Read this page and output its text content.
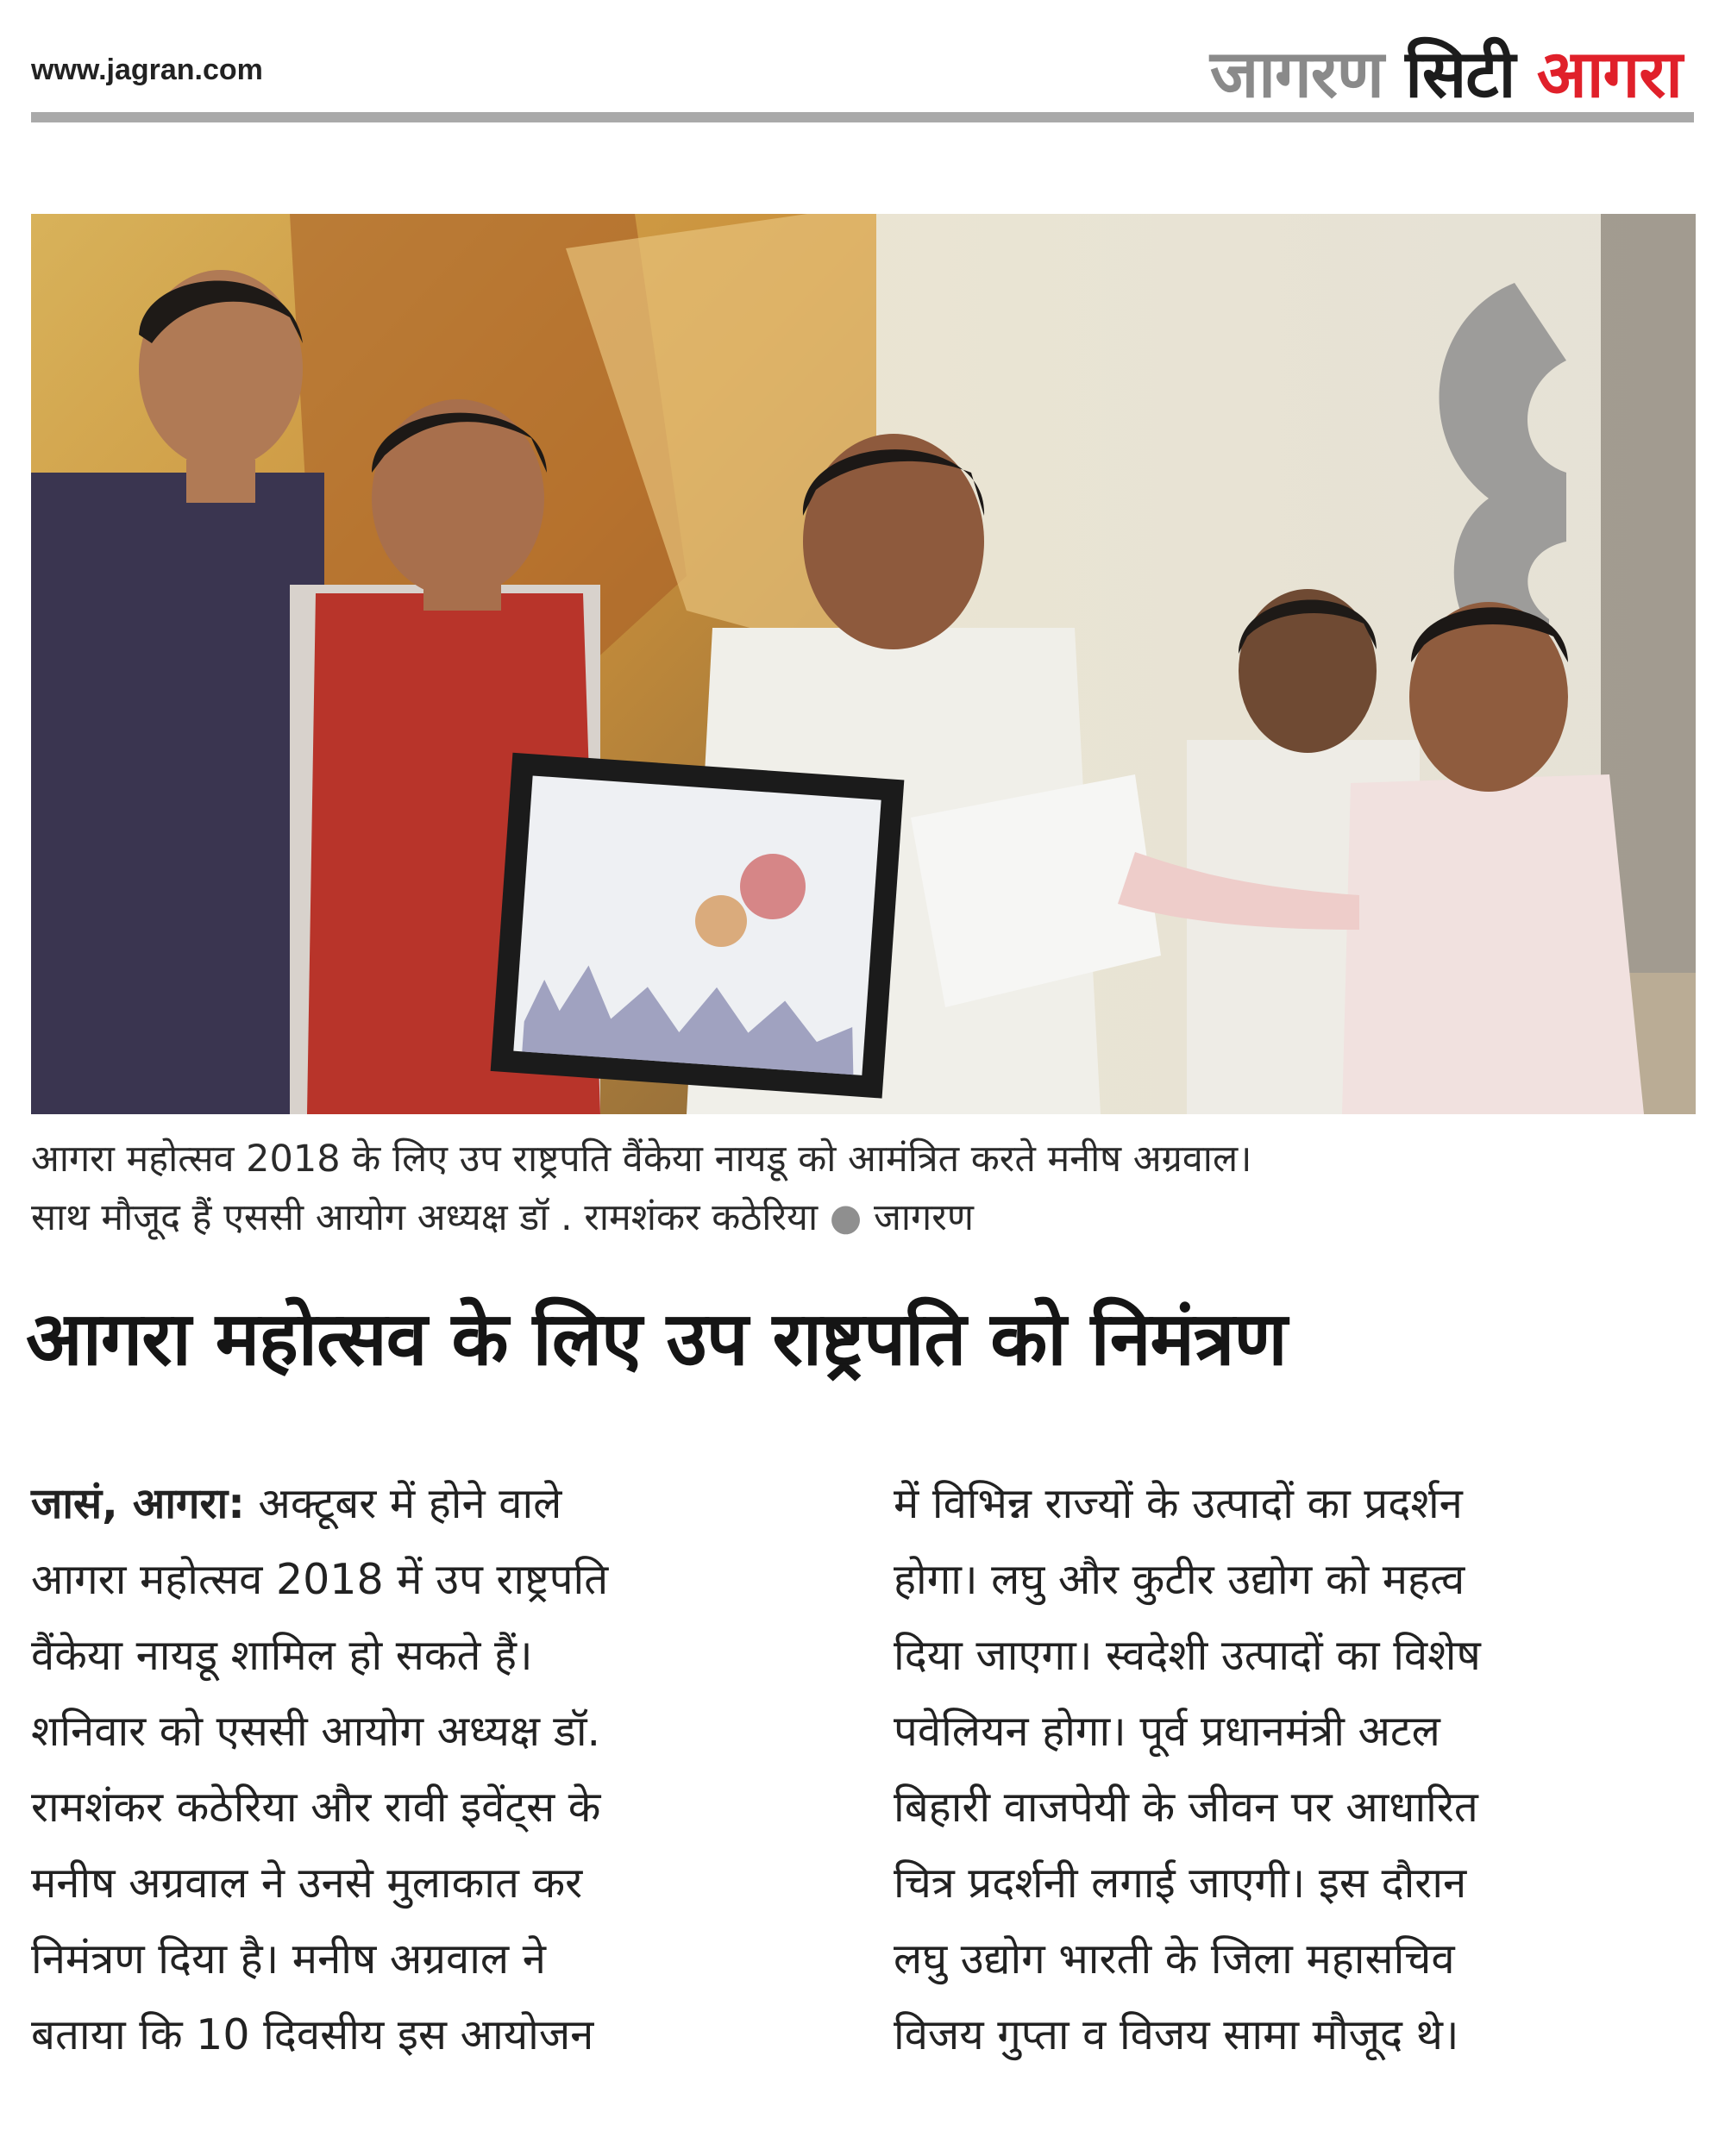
www.jagran.com	जागरण सिटी आगरा
आगरा महोत्सव 2018 के लिए उप राष्ट्रपति वैंकेया नायडू को आमंत्रित करते मनीष अग्रवाल।
साथ मौजूद हैं एससी आयोग अध्यक्ष डॉ . रामशंकर कठेरिया ● जागरण
आगरा महोत्सव के लिए उप राष्ट्रपति को निमंत्रण
जासं, आगरा: अक्टूबर में होने वाले
आगरा महोत्सव 2018 में उप राष्ट्रपति
वैंकेया नायडू शामिल हो सकते हैं।
शनिवार को एससी आयोग अध्यक्ष डॉ.
रामशंकर कठेरिया और रावी इवेंट्स के
मनीष अग्रवाल ने उनसे मुलाकात कर
निमंत्रण दिया है। मनीष अग्रवाल ने
बताया कि 10 दिवसीय इस आयोजन
में विभिन्न राज्यों के उत्पादों का प्रदर्शन
होगा। लघु और कुटीर उद्योग को महत्व
दिया जाएगा। स्वदेशी उत्पादों का विशेष
पवेलियन होगा। पूर्व प्रधानमंत्री अटल
बिहारी वाजपेयी के जीवन पर आधारित
चित्र प्रदर्शनी लगाई जाएगी। इस दौरान
लघु उद्योग भारती के जिला महासचिव
विजय गुप्ता व विजय सामा मौजूद थे।
